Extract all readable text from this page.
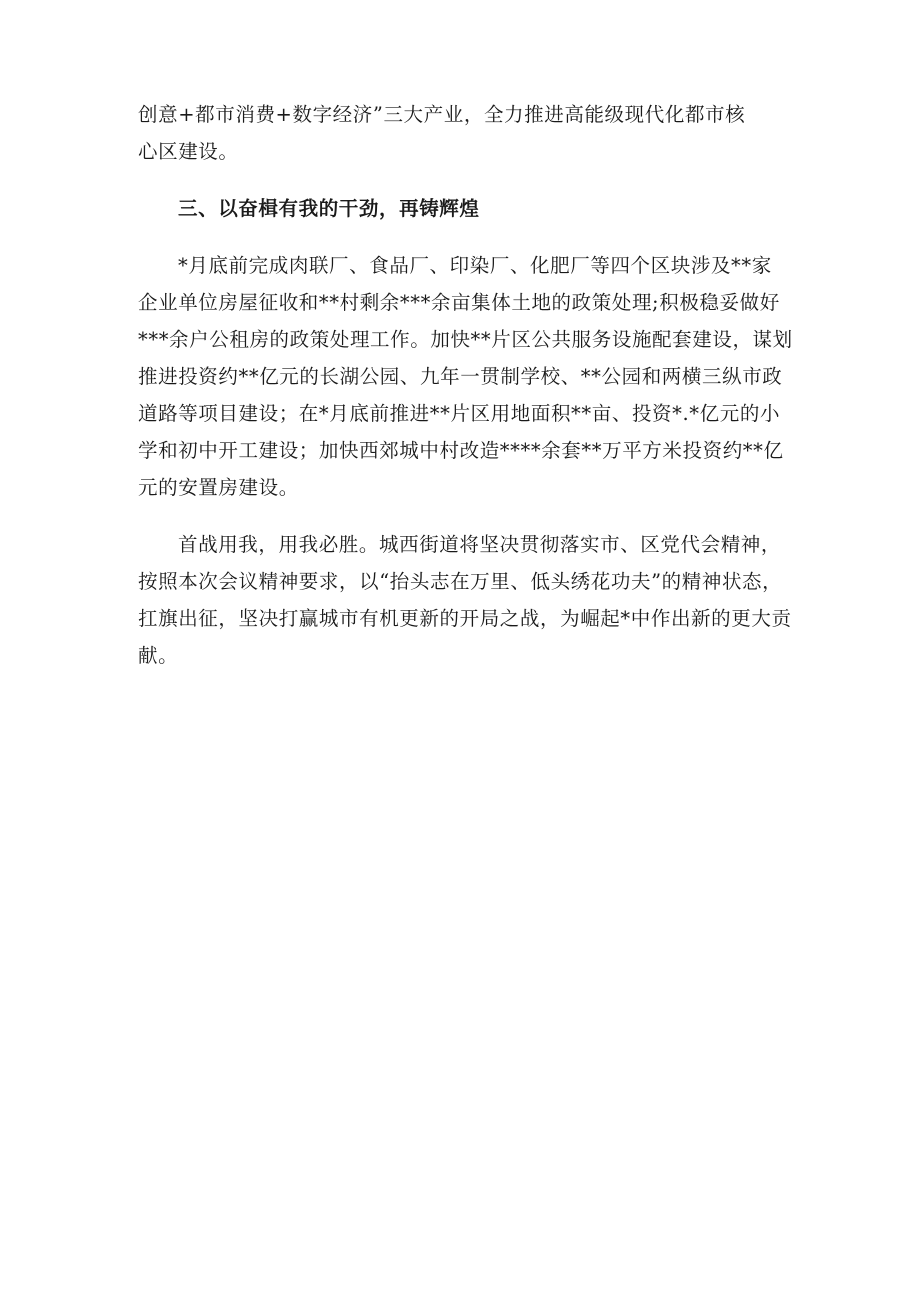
创意+都市消费+数字经济”三大产业，全力推进高能级现代化都市核
心区建设。
三、以奋楫有我的干劲，再铸辉煌
*月底前完成肉联厂、食品厂、印染厂、化肥厂等四个区块涉及**家
企业单位房屋征收和**村剩余***余亩集体土地的政策处理;积极稳妥做好
***余户公租房的政策处理工作。加快**片区公共服务设施配套建设，谋划
推进投资约**亿元的长湖公园、九年一贯制学校、**公园和两横三纵市政
道路等项目建设；在*月底前推进**片区用地面积**亩、投资*.*亿元的小
学和初中开工建设；加快西郊城中村改造****余套**万平方米投资约**亿
元的安置房建设。
首战用我，用我必胜。城西街道将坚决贯彻落实市、区党代会精神，
按照本次会议精神要求，以“抬头志在万里、低头绣花功夫”的精神状态，
扛旗出征，坚决打赢城市有机更新的开局之战，为崛起*中作出新的更大贡
献。
